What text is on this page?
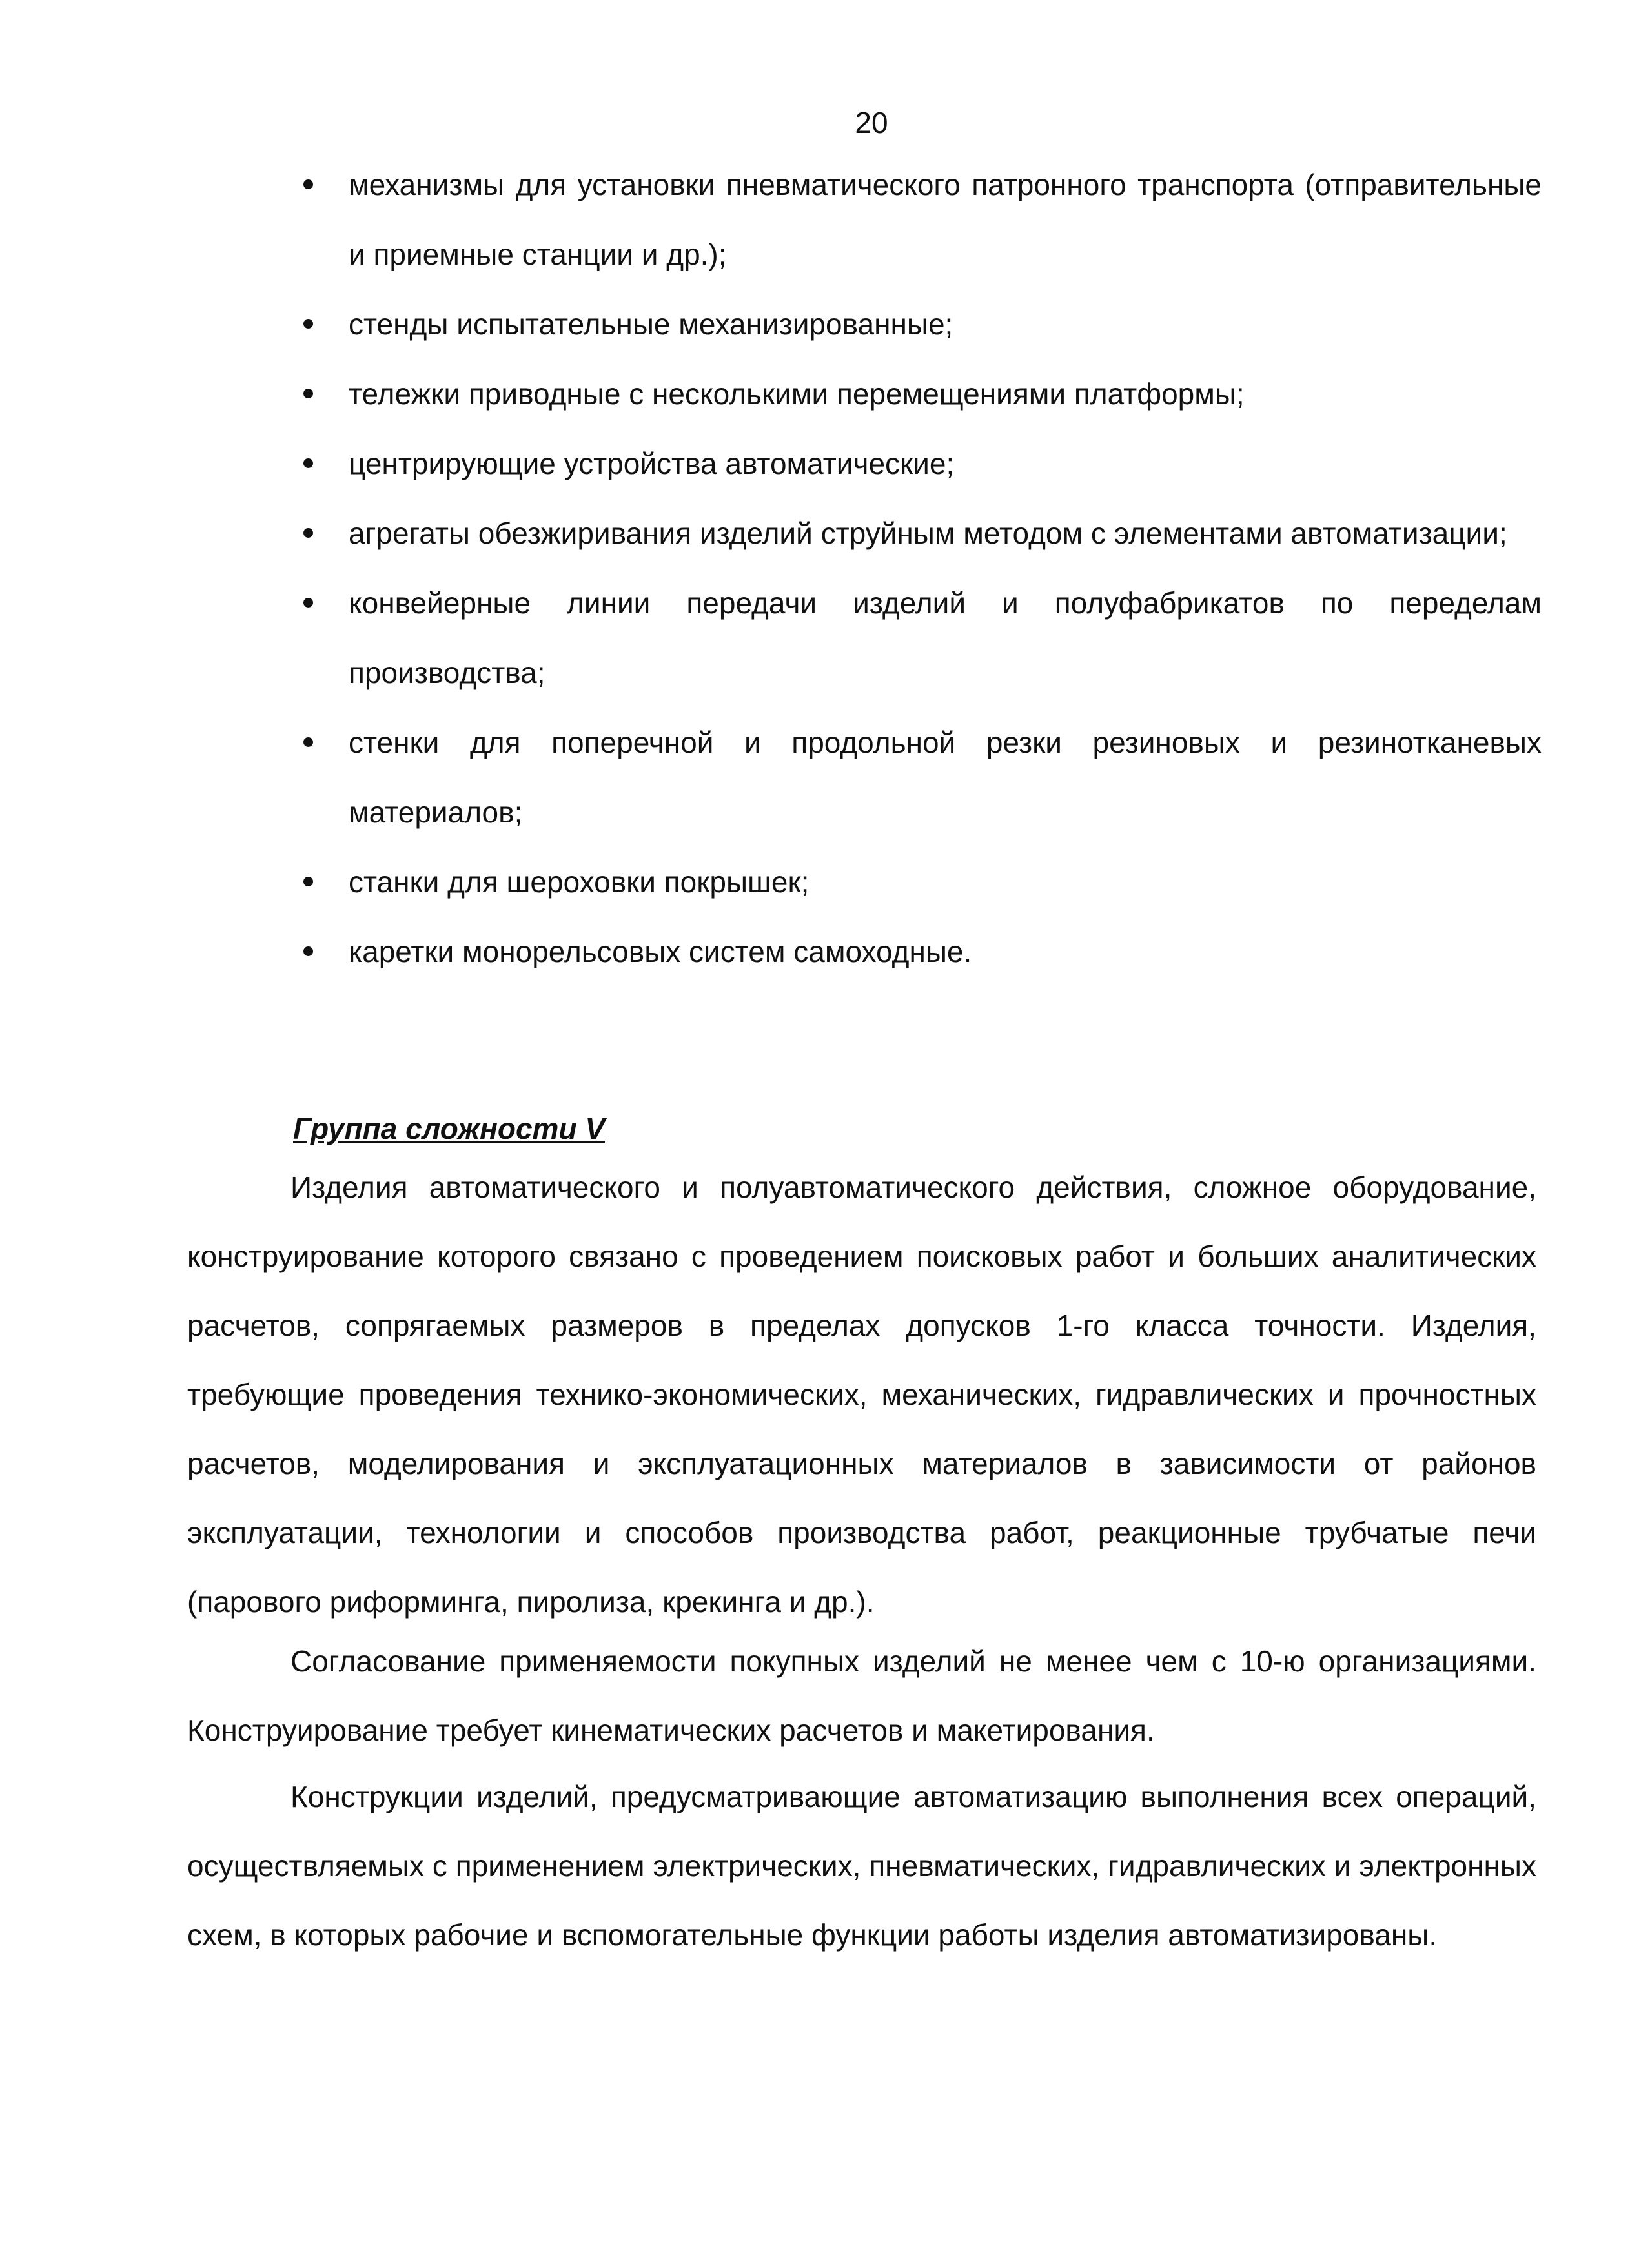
20
механизмы для установки пневматического патронного транспорта (отправительные и приемные станции и др.);
стенды испытательные механизированные;
тележки приводные с несколькими перемещениями платформы;
центрирующие устройства автоматические;
агрегаты обезжиривания изделий струйным методом с элементами автоматизации;
конвейерные линии передачи изделий и полуфабрикатов по переделам производства;
стенки для поперечной и продольной резки резиновых и резинотканевых материалов;
станки для шероховки покрышек;
каретки монорельсовых систем самоходные.
Группа сложности V

Изделия автоматического и полуавтоматического действия, сложное оборудование, конструирование которого связано с проведением поисковых работ и больших аналитических расчетов, сопрягаемых размеров в пределах допусков 1-го класса точности. Изделия, требующие проведения технико-экономических, механических, гидравлических и прочностных расчетов, моделирования и эксплуатационных материалов в зависимости от районов эксплуатации, технологии и способов производства работ, реакционные трубчатые печи (парового риформинга, пиролиза, крекинга и др.).

Согласование применяемости покупных изделий не менее чем с 10-ю организациями. Конструирование требует кинематических расчетов и макетирования.

Конструкции изделий, предусматривающие автоматизацию выполнения всех операций, осуществляемых с применением электрических, пневматических, гидравлических и электронных схем, в которых рабочие и вспомогательные функции работы изделия автоматизированы.
